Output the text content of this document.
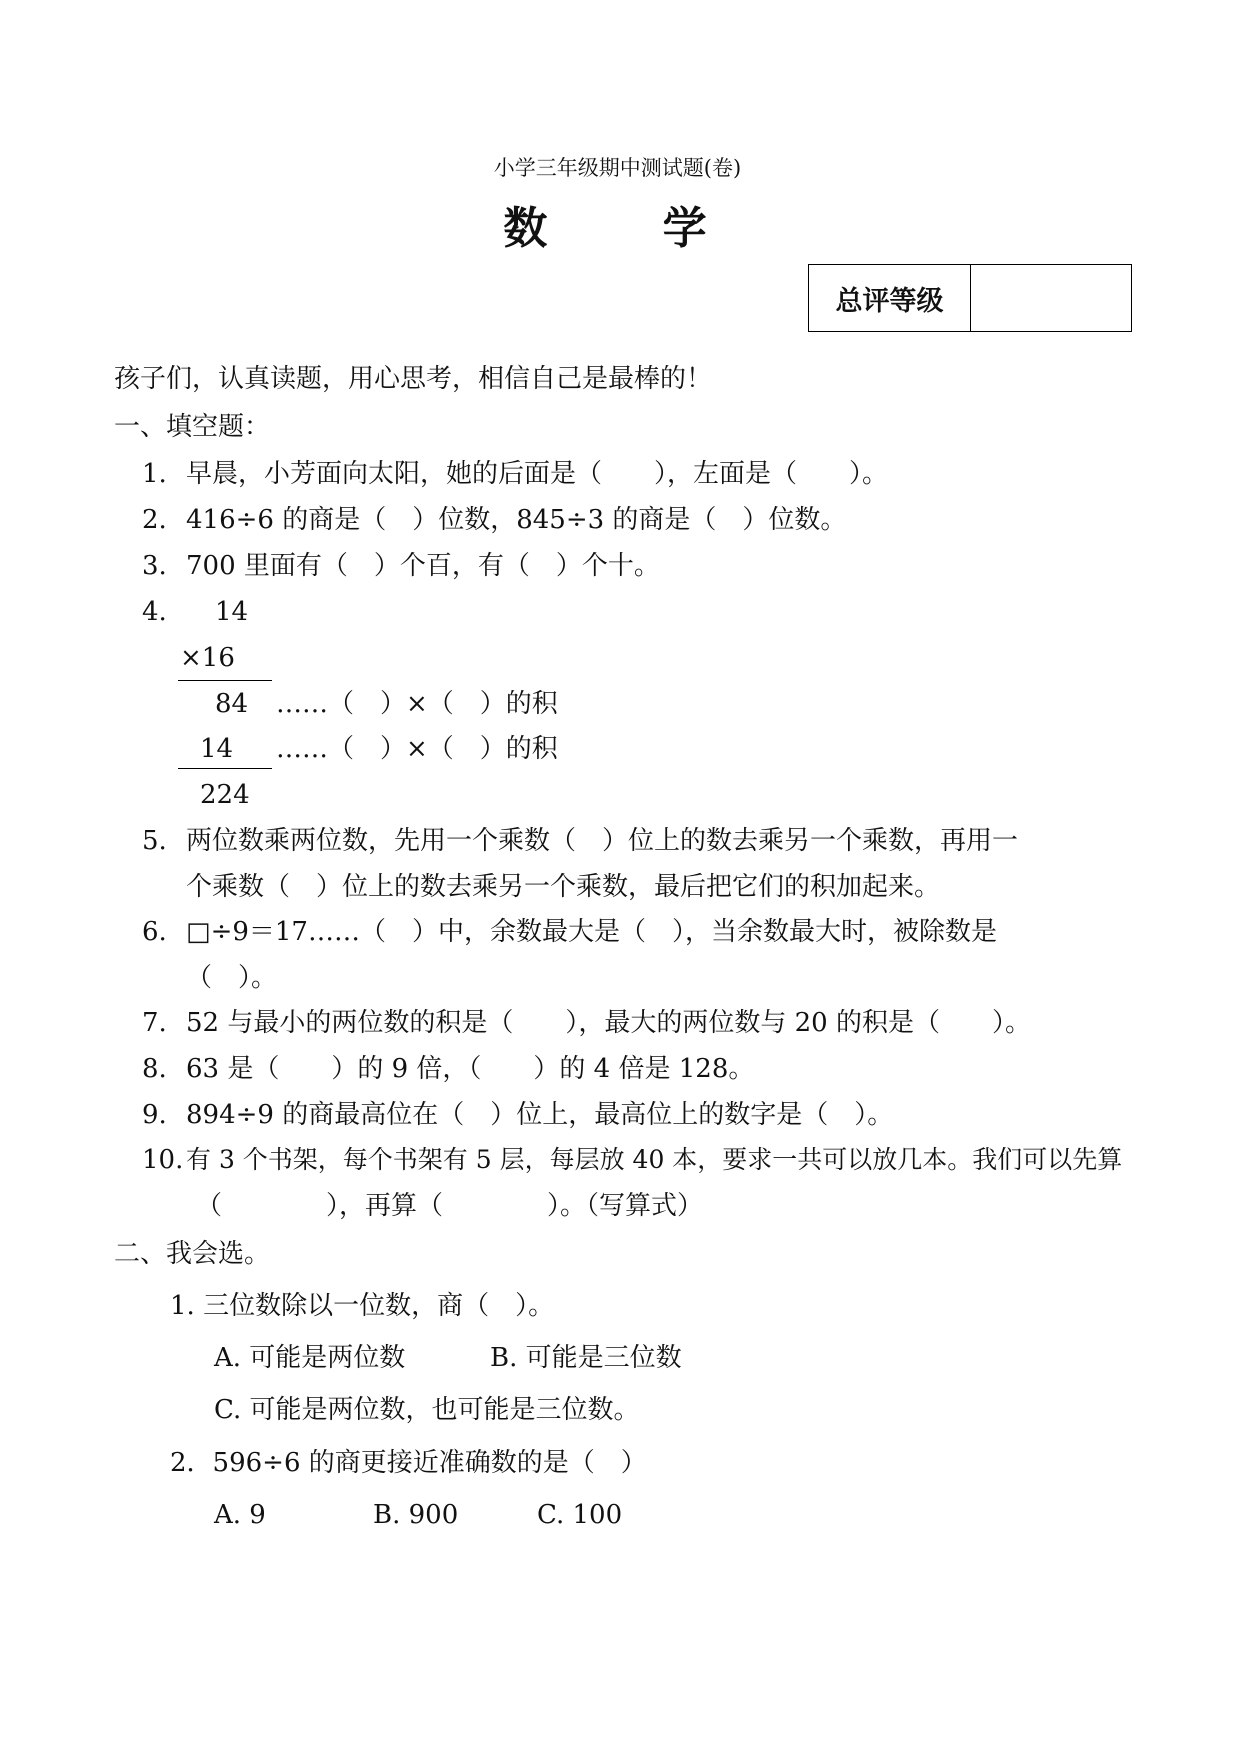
小学三年级期中测试题(卷)
数 学
总评等级
孩子们，认真读题，用心思考，相信自己是最棒的！
一、填空题：
1. 早晨，小芳面向太阳，她的后面是（　　），左面是（　　）。
2. 416÷6 的商是（　）位数，845÷3 的商是（　）位数。
3. 700 里面有（　）个百，有（　）个十。
4. 14
×16
84 ……（　）×（　）的积
14 ……（　）×（　）的积
224
5. 两位数乘两位数，先用一个乘数（　）位上的数去乘另一个乘数，再用一
个乘数（　）位上的数去乘另一个乘数，最后把它们的积加起来。
6. □÷9＝17……（　）中，余数最大是（　），当余数最大时，被除数是
（　）。
7. 52 与最小的两位数的积是（　　），最大的两位数与 20 的积是（　　）。
8. 63 是（　　）的 9 倍，（　　）的 4 倍是 128。
9. 894÷9 的商最高位在（　）位上，最高位上的数字是（　）。
10. 有 3 个书架，每个书架有 5 层，每层放 40 本，要求一共可以放几本。我们可以先算
（　　　　），再算（　　　　）。（写算式）
二、我会选。
1. 三位数除以一位数，商（　）。
A. 可能是两位数	B. 可能是三位数
C. 可能是两位数，也可能是三位数。
2．596÷6 的商更接近准确数的是（　）
A. 9	B. 900	C. 100
